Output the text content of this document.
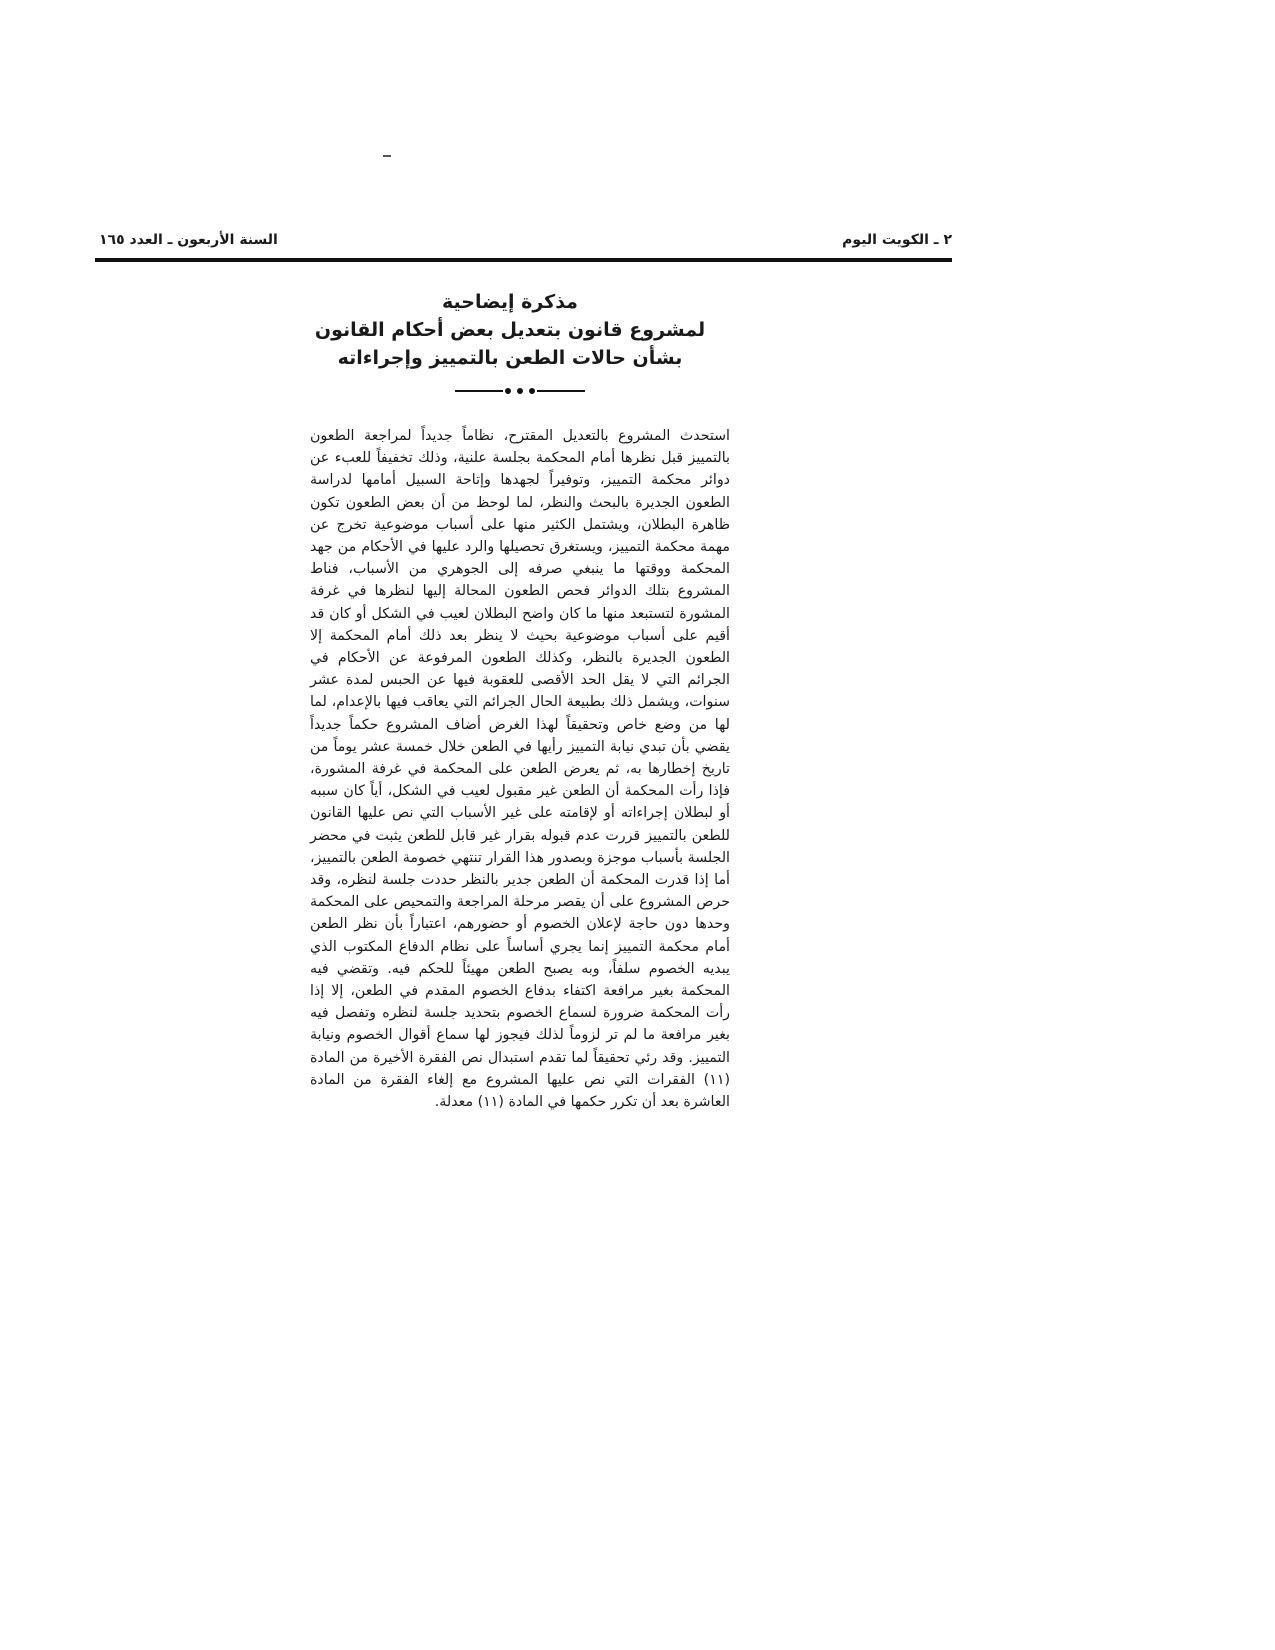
السنة الأربعون ـ العدد ١٦٥	٢ ـ الكويت اليوم
مذكرة إيضاحية
لمشروع قانون بتعديل بعض أحكام القانون
بشأن حالات الطعن بالتمييز وإجراءاته

استحدث المشروع بالتعديل المقترح، نظاماً جديداً لمراجعة الطعون بالتمييز قبل نظرها أمام المحكمة بجلسة علنية، وذلك تخفيفاً للعبء عن دوائر محكمة التمييز، وتوفيراً لجهدها وإتاحة السبيل أمامها لدراسة الطعون الجديرة بالبحث والنظر، لما لوحظ من أن بعض الطعون تكون ظاهرة البطلان، ويشتمل الكثير منها على أسباب موضوعية تخرج عن مهمة محكمة التمييز، ويستغرق تحصيلها والرد عليها في الأحكام من جهد المحكمة ووقتها ما ينبغي صرفه إلى الجوهري من الأسباب، فناط المشروع بتلك الدوائر فحص الطعون المحالة إليها لنظرها في غرفة المشورة لتستبعد منها ما كان واضح البطلان لعيب في الشكل أو كان قد أقيم على أسباب موضوعية بحيث لا ينظر بعد ذلك أمام المحكمة إلا الطعون الجديرة بالنظر، وكذلك الطعون المرفوعة عن الأحكام في الجرائم التي لا يقل الحد الأقصى للعقوبة فيها عن الحبس لمدة عشر سنوات، ويشمل ذلك بطبيعة الحال الجرائم التي يعاقب فيها بالإعدام، لما لها من وضع خاص وتحقيقاً لهذا الغرض أضاف المشروع حكماً جديداً يقضي بأن تبدي نيابة التمييز رأيها في الطعن خلال خمسة عشر يوماً من تاريخ إخطارها به، ثم يعرض الطعن على المحكمة في غرفة المشورة، فإذا رأت المحكمة أن الطعن غير مقبول لعيب في الشكل، أياً كان سببه أو لبطلان إجراءاته أو لإقامته على غير الأسباب التي نص عليها القانون للطعن بالتمييز قررت عدم قبوله بقرار غير قابل للطعن يثبت في محضر الجلسة بأسباب موجزة وبصدور هذا القرار تنتهي خصومة الطعن بالتمييز، أما إذا قدرت المحكمة أن الطعن جدير بالنظر حددت جلسة لنظره، وقد حرص المشروع على أن يقصر مرحلة المراجعة والتمحيص على المحكمة وحدها دون حاجة لإعلان الخصوم أو حضورهم، اعتباراً بأن نظر الطعن أمام محكمة التمييز إنما يجري أساساً على نظام الدفاع المكتوب الذي يبديه الخصوم سلفاً، وبه يصبح الطعن مهيئاً للحكم فيه. وتقضي فيه المحكمة بغير مرافعة اكتفاء بدفاع الخصوم المقدم في الطعن، إلا إذا رأت المحكمة ضرورة لسماع الخصوم بتحديد جلسة لنظره وتفصل فيه بغير مرافعة ما لم تر لزوماً لذلك فيجوز لها سماع أقوال الخصوم ونيابة التمييز. وقد رئي تحقيقاً لما تقدم استبدال نص الفقرة الأخيرة من المادة (١١) الفقرات التي نص عليها المشروع مع إلغاء الفقرة من المادة العاشرة بعد أن تكرر حكمها في المادة (١١) معدلة.
